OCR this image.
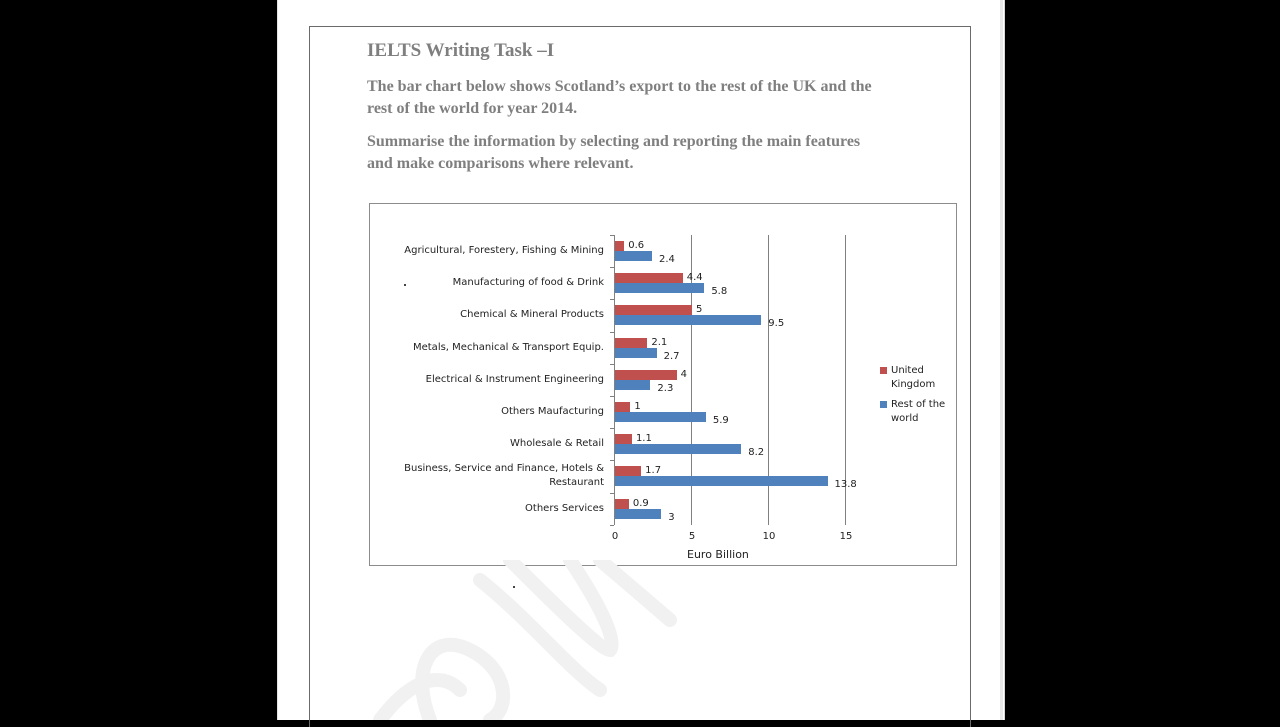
IELTS Writing Task –I
The bar chart below shows Scotland’s export to the rest of the UK and the
rest of the world for year 2014.
Summarise the information by selecting and reporting the main features
and make comparisons where relevant.
0	5	10	15
Agricultural, Forestery, Fishing & Mining 0.6
2.4
Manufacturing of food & Drink	4.4
5.8
Chemical & Mineral Products	5
9.5
Metals, Mechanical & Transport Equip.	2.1
2.7
Electrical & Instrument Engineering	4
2.3
Others Maufacturing	1
5.9
Wholesale & Retail	1.1
8.2
Business, Service and Finance, Hotels &
Restaurant
1.7
13.8
Others Services	0.9
3
Euro Billion
United
Kingdom
Rest of the
world
